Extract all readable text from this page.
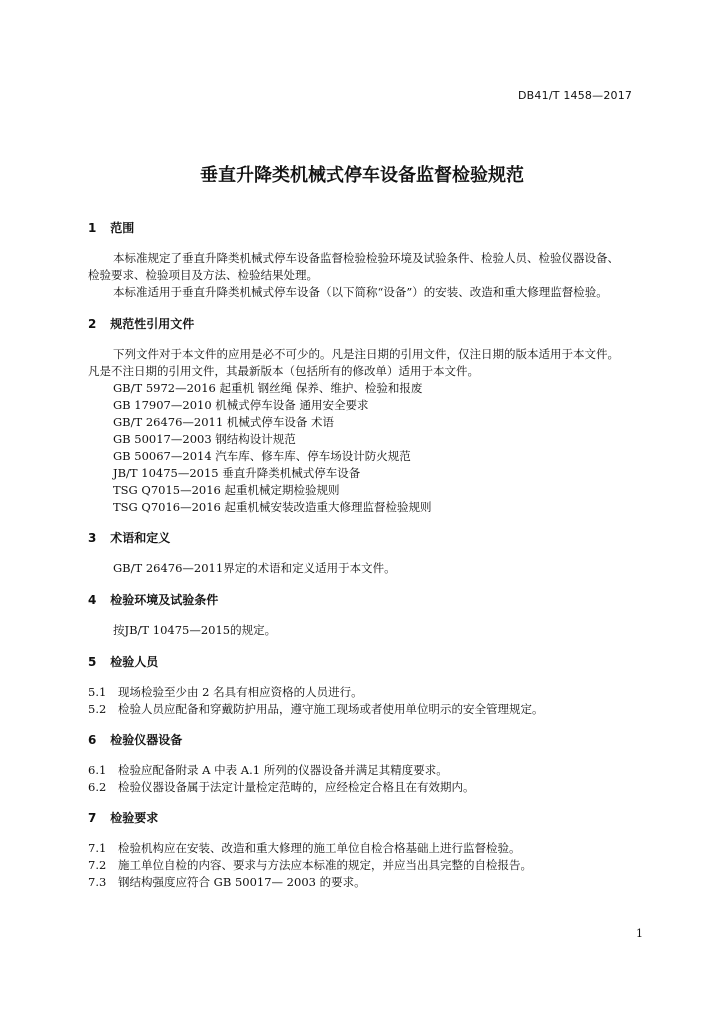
DB41/T 1458—2017
垂直升降类机械式停车设备监督检验规范
1 范围
本标准规定了垂直升降类机械式停车设备监督检验检验环境及试验条件、检验人员、检验仪器设备、
检验要求、检验项目及方法、检验结果处理。
本标准适用于垂直升降类机械式停车设备（以下简称“设备”）的安装、改造和重大修理监督检验。
2 规范性引用文件
下列文件对于本文件的应用是必不可少的。凡是注日期的引用文件，仅注日期的版本适用于本文件。
凡是不注日期的引用文件，其最新版本（包括所有的修改单）适用于本文件。
GB/T 5972—2016 起重机 钢丝绳 保养、维护、检验和报废
GB 17907—2010 机械式停车设备 通用安全要求
GB/T 26476—2011 机械式停车设备 术语
GB 50017—2003 钢结构设计规范
GB 50067—2014 汽车库、修车库、停车场设计防火规范
JB/T 10475—2015 垂直升降类机械式停车设备
TSG Q7015—2016 起重机械定期检验规则
TSG Q7016—2016 起重机械安装改造重大修理监督检验规则
3 术语和定义
GB/T 26476—2011界定的术语和定义适用于本文件。
4 检验环境及试验条件
按JB/T 10475—2015的规定。
5 检验人员
5.1 现场检验至少由 2 名具有相应资格的人员进行。
5.2 检验人员应配备和穿戴防护用品，遵守施工现场或者使用单位明示的安全管理规定。
6 检验仪器设备
6.1 检验应配备附录 A 中表 A.1 所列的仪器设备并满足其精度要求。
6.2 检验仪器设备属于法定计量检定范畴的，应经检定合格且在有效期内。
7 检验要求
7.1 检验机构应在安装、改造和重大修理的施工单位自检合格基础上进行监督检验。
7.2 施工单位自检的内容、要求与方法应本标准的规定，并应当出具完整的自检报告。
7.3 钢结构强度应符合 GB 50017— 2003 的要求。
1
